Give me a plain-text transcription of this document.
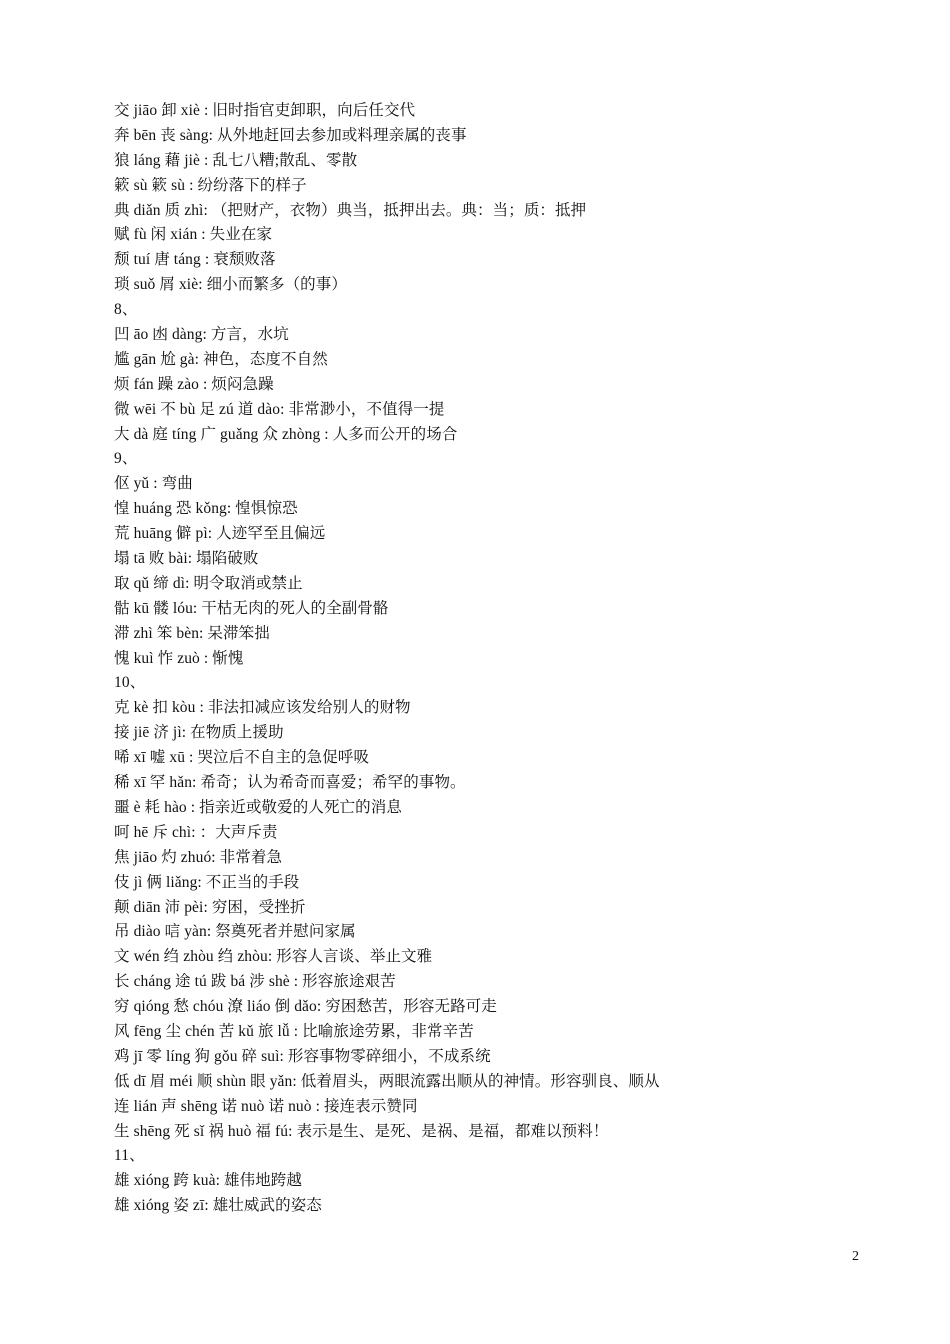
交 jiāo 卸 xiè : 旧时指官吏卸职，向后任交代
奔 bēn 丧 sàng: 从外地赶回去参加或料理亲属的丧事
狼 láng 藉 jiè : 乱七八糟;散乱、零散
簌 sù 簌 sù : 纷纷落下的样子
典 diǎn 质 zhì: （把财产，衣物）典当，抵押出去。典：当；质：抵押
赋 fù 闲 xián : 失业在家
颓 tuí 唐 táng : 衰颓败落
琐 suǒ 屑 xiè: 细小而繁多（的事）
8、
凹 āo 凼 dàng: 方言，水坑
尴 gān 尬 gà: 神色，态度不自然
烦 fán 躁 zào : 烦闷急躁
微 wēi 不 bù 足 zú 道 dào: 非常渺小，不值得一提
大 dà 庭 tíng 广 guǎng 众 zhòng : 人多而公开的场合
9、
伛 yǔ : 弯曲
惶 huáng 恐 kǒng: 惶惧惊恐
荒 huāng 僻 pì: 人迹罕至且偏远
塌 tā 败 bài: 塌陷破败
取 qǔ 缔 dì: 明令取消或禁止
骷 kū 髅 lóu: 干枯无肉的死人的全副骨骼
滞 zhì 笨 bèn: 呆滞笨拙
愧 kuì 怍 zuò : 惭愧
10、
克 kè 扣 kòu : 非法扣减应该发给别人的财物
接 jiē 济 jì: 在物质上援助
唏 xī 嘘 xū : 哭泣后不自主的急促呼吸
稀 xī 罕 hǎn: 希奇；认为希奇而喜爱；希罕的事物。
噩 è 耗 hào : 指亲近或敬爱的人死亡的消息
呵 hē 斥 chì: ：大声斥责
焦 jiāo 灼 zhuó: 非常着急
伎 jì 俩 liǎng: 不正当的手段
颠 diān 沛 pèi: 穷困，受挫折
吊 diào 唁 yàn: 祭奠死者并慰问家属
文 wén 绉 zhòu 绉 zhòu: 形容人言谈、举止文雅
长 cháng 途 tú 跋 bá 涉 shè : 形容旅途艰苦
穷 qióng 愁 chóu 潦 liáo 倒 dǎo: 穷困愁苦，形容无路可走
风 fēng 尘 chén 苦 kǔ 旅 lǚ : 比喻旅途劳累，非常辛苦
鸡 jī 零 líng 狗 gǒu 碎 suì: 形容事物零碎细小，不成系统
低 dī 眉 méi 顺 shùn 眼 yǎn: 低着眉头，两眼流露出顺从的神情。形容驯良、顺从
连 lián 声 shēng 诺 nuò 诺 nuò : 接连表示赞同
生 shēng 死 sǐ 祸 huò 福 fú: 表示是生、是死、是祸、是福，都难以预料！
11、
雄 xióng 跨 kuà: 雄伟地跨越
雄 xióng 姿 zī: 雄壮威武的姿态
2
